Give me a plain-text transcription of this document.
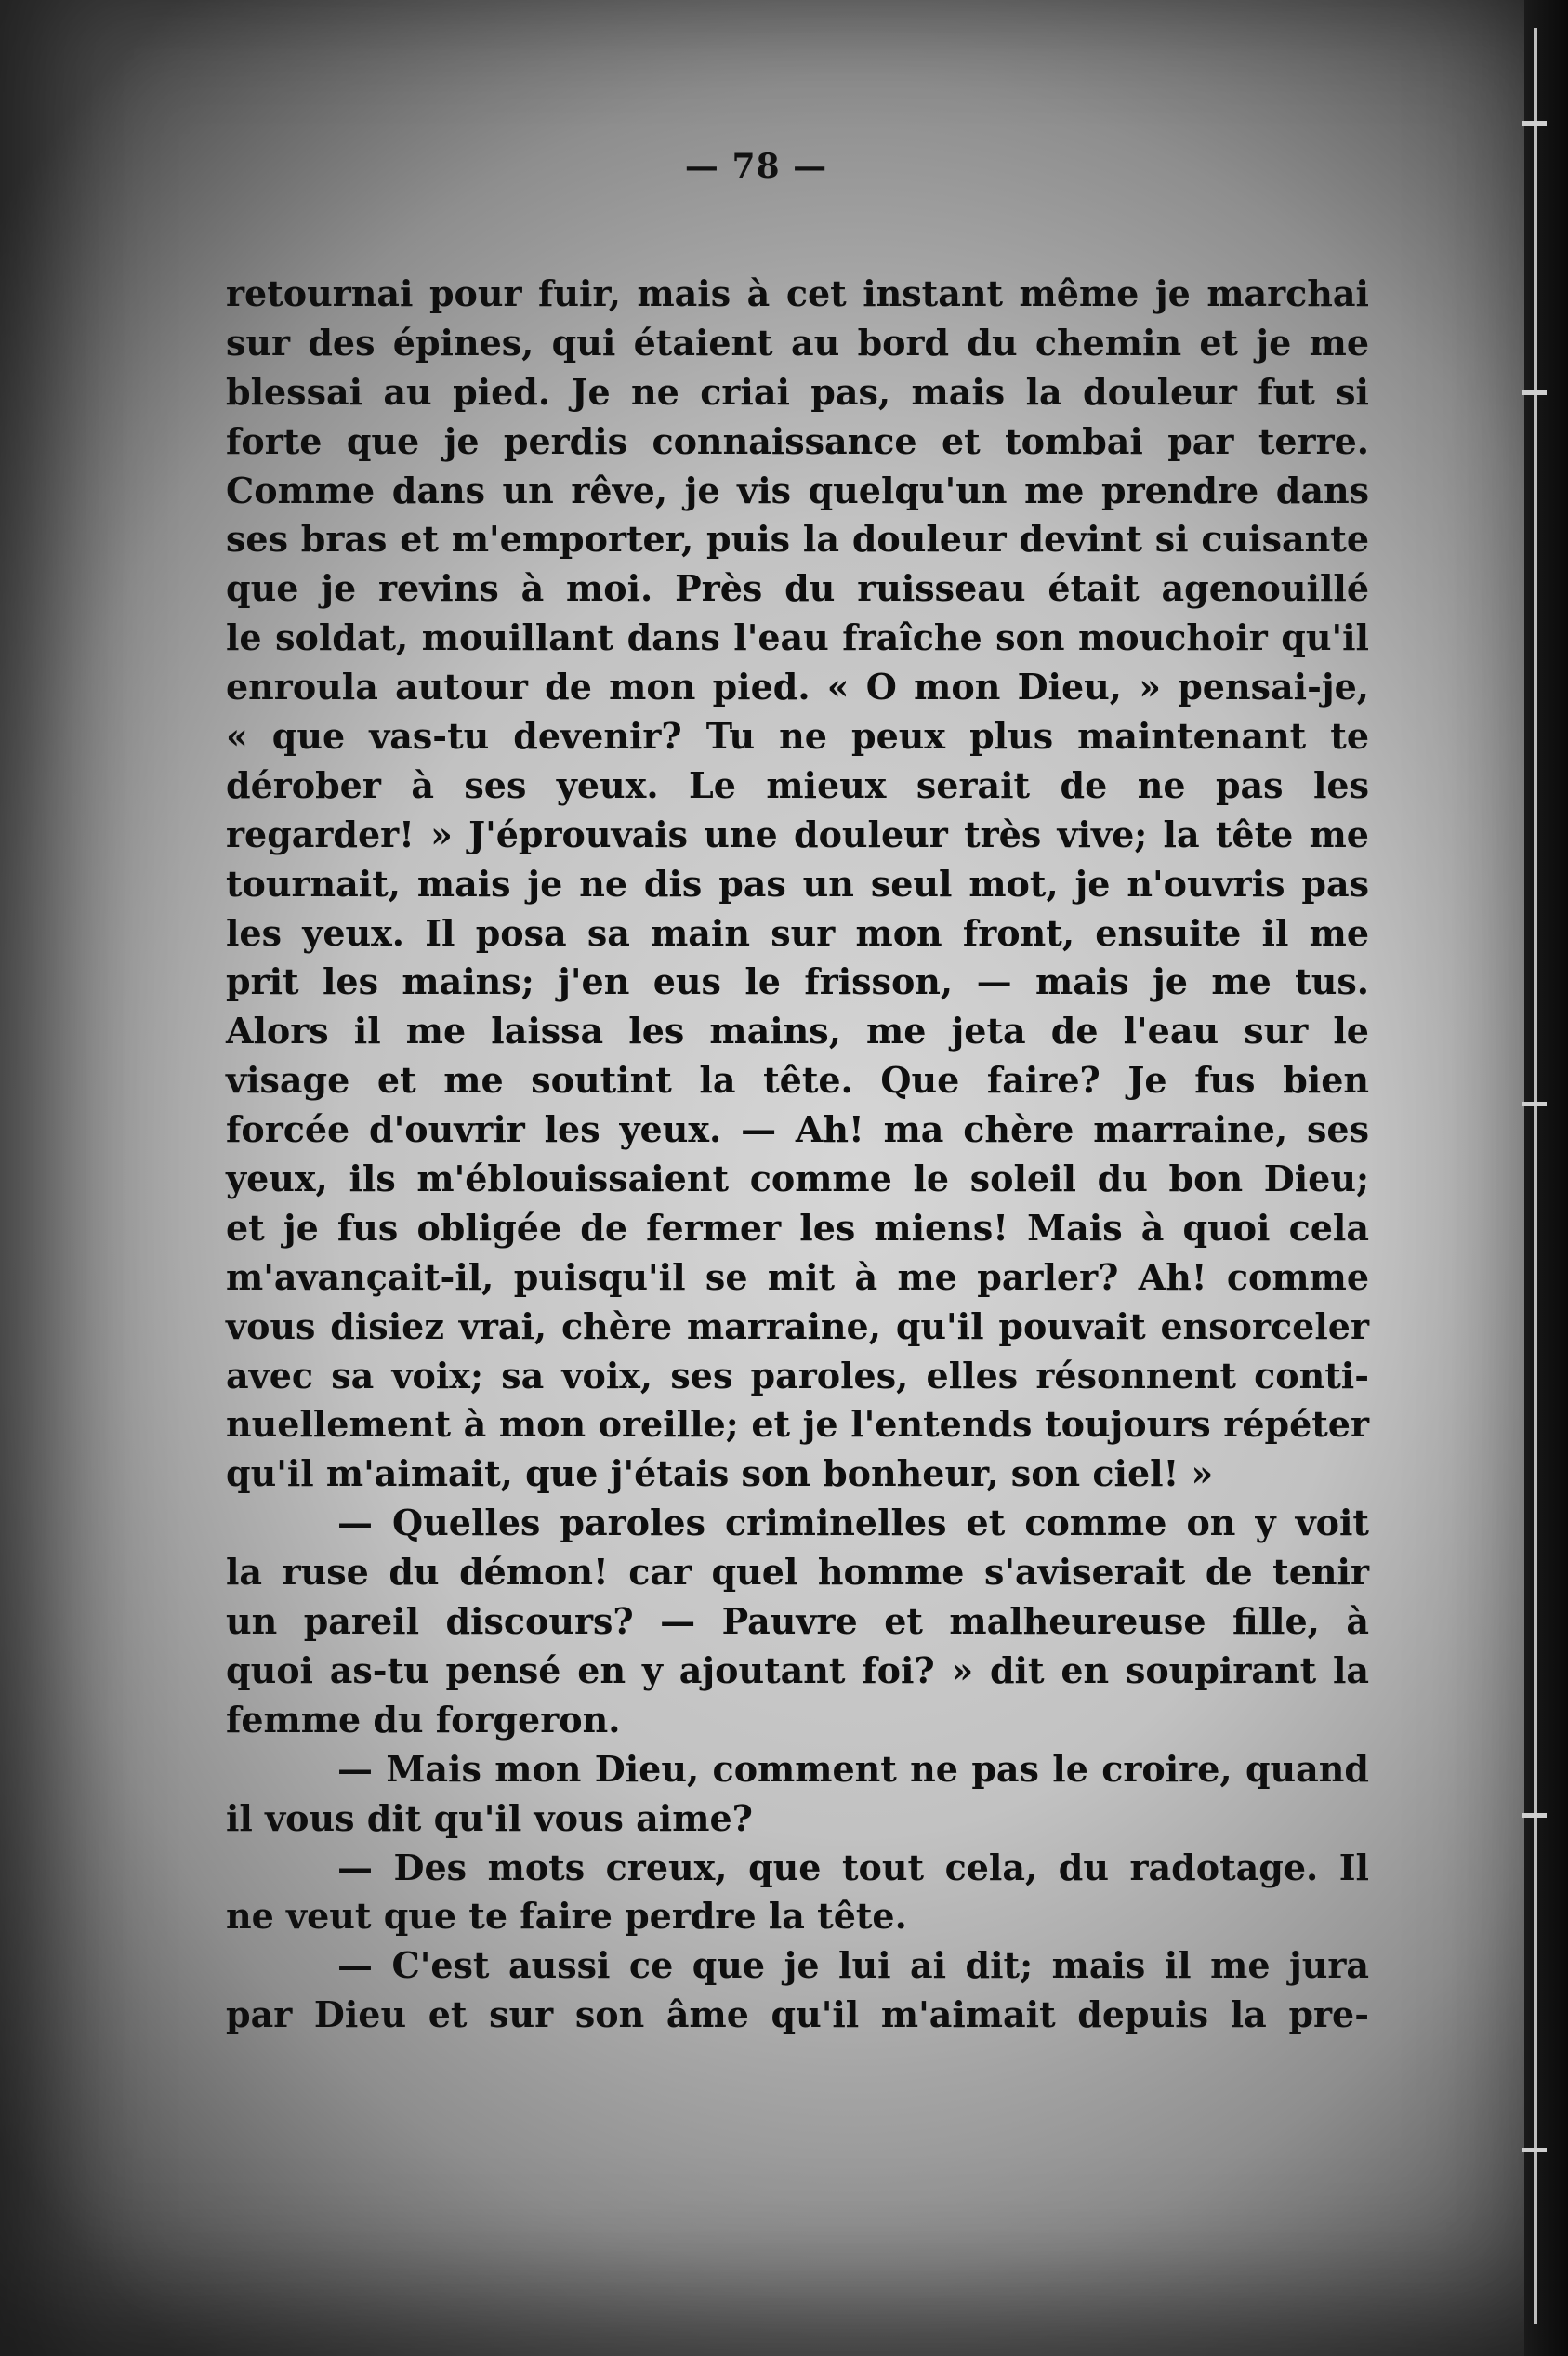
— 78 —
retournai pour fuir, mais à cet instant même je marchai
sur des épines, qui étaient au bord du chemin et je me
blessai au pied. Je ne criai pas, mais la douleur fut si
forte que je perdis connaissance et tombai par terre.
Comme dans un rêve, je vis quelqu'un me prendre dans
ses bras et m'emporter, puis la douleur devint si cuisante
que je revins à moi. Près du ruisseau était agenouillé
le soldat, mouillant dans l'eau fraîche son mouchoir qu'il
enroula autour de mon pied. « O mon Dieu, » pensai-je,
« que vas-tu devenir? Tu ne peux plus maintenant te
dérober à ses yeux. Le mieux serait de ne pas les
regarder! » J'éprouvais une douleur très vive; la tête me
tournait, mais je ne dis pas un seul mot, je n'ouvris pas
les yeux. Il posa sa main sur mon front, ensuite il me
prit les mains; j'en eus le frisson, — mais je me tus.
Alors il me laissa les mains, me jeta de l'eau sur le
visage et me soutint la tête. Que faire? Je fus bien
forcée d'ouvrir les yeux. — Ah! ma chère marraine, ses
yeux, ils m'éblouissaient comme le soleil du bon Dieu;
et je fus obligée de fermer les miens! Mais à quoi cela
m'avançait-il, puisqu'il se mit à me parler? Ah! comme
vous disiez vrai, chère marraine, qu'il pouvait ensorceler
avec sa voix; sa voix, ses paroles, elles résonnent conti-
nuellement à mon oreille; et je l'entends toujours répéter
qu'il m'aimait, que j'étais son bonheur, son ciel! »
— Quelles paroles criminelles et comme on y voit
la ruse du démon! car quel homme s'aviserait de tenir
un pareil discours? — Pauvre et malheureuse fille, à
quoi as-tu pensé en y ajoutant foi? » dit en soupirant la
femme du forgeron.
— Mais mon Dieu, comment ne pas le croire, quand
il vous dit qu'il vous aime?
— Des mots creux, que tout cela, du radotage. Il
ne veut que te faire perdre la tête.
— C'est aussi ce que je lui ai dit; mais il me jura
par Dieu et sur son âme qu'il m'aimait depuis la pre-
